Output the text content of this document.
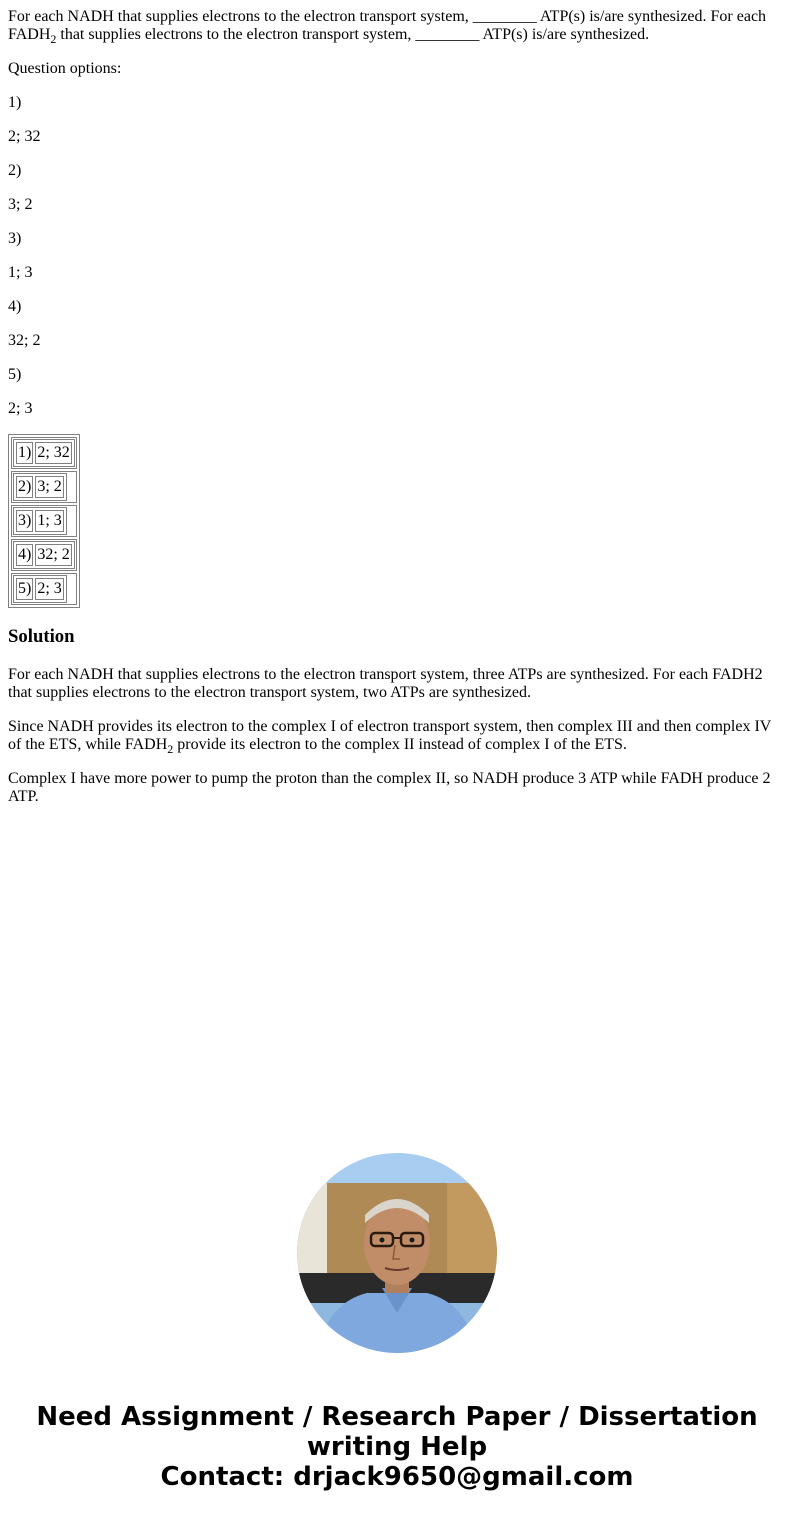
For each NADH that supplies electrons to the electron transport system, ________ ATP(s) is/are synthesized. For each $FADH_2$ that supplies electrons to the electron transport system, ________ ATP(s) is/are synthesized.

Question options:

1)

2; 32

2)

3; 2

3)

1; 3

4)

32; 2

5)

2; 3

1)	2; 32

2)	3; 2

3)	1; 3

4)	32; 2

5)	2; 3
Solution

For each NADH that supplies electrons to the electron transport system, three ATPs are synthesized. For each FADH2 that supplies electrons to the electron transport system, two ATPs are synthesized.

Since NADH provides its electron to the complex I of electron transport system, then complex III and then complex IV of the ETS, while $FADH_2$ provide its electron to the complex II instead of complex I of the ETS.

Complex I have more power to pump the proton than the complex II, so NADH produce 3 ATP while FADH produce 2 ATP.

Need Assignment / Research Paper / Dissertation
writing Help
Contact: drjack9650@gmail.com
